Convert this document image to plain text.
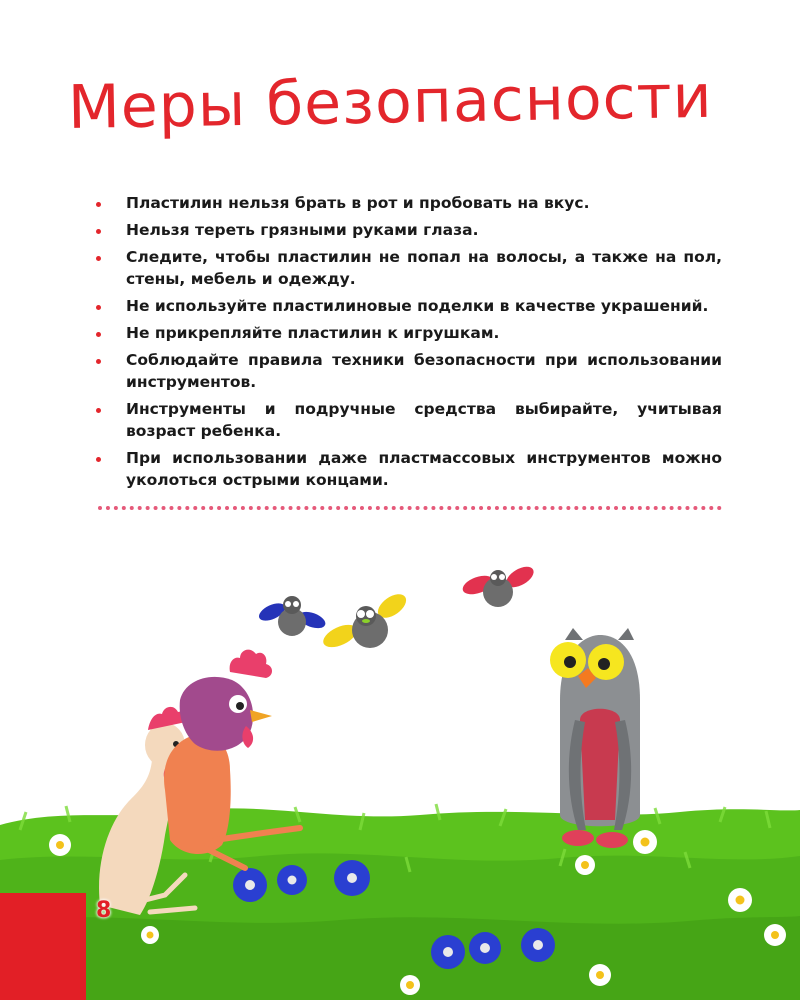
Меры безопасности
Пластилин нельзя брать в рот и пробовать на вкус.
Нельзя тереть грязными руками глаза.
Следите, чтобы пластилин не попал на волосы, а также на пол, стены, мебель и одежду.
Не используйте пластилиновые поделки в качестве украшений.
Не прикрепляйте пластилин к игрушкам.
Соблюдайте правила техники безопасности при использовании инструментов.
Инструменты и подручные средства выбирайте, учитывая возраст ребенка.
При использовании даже пластмассовых инструментов можно уколоться острыми концами.
8
